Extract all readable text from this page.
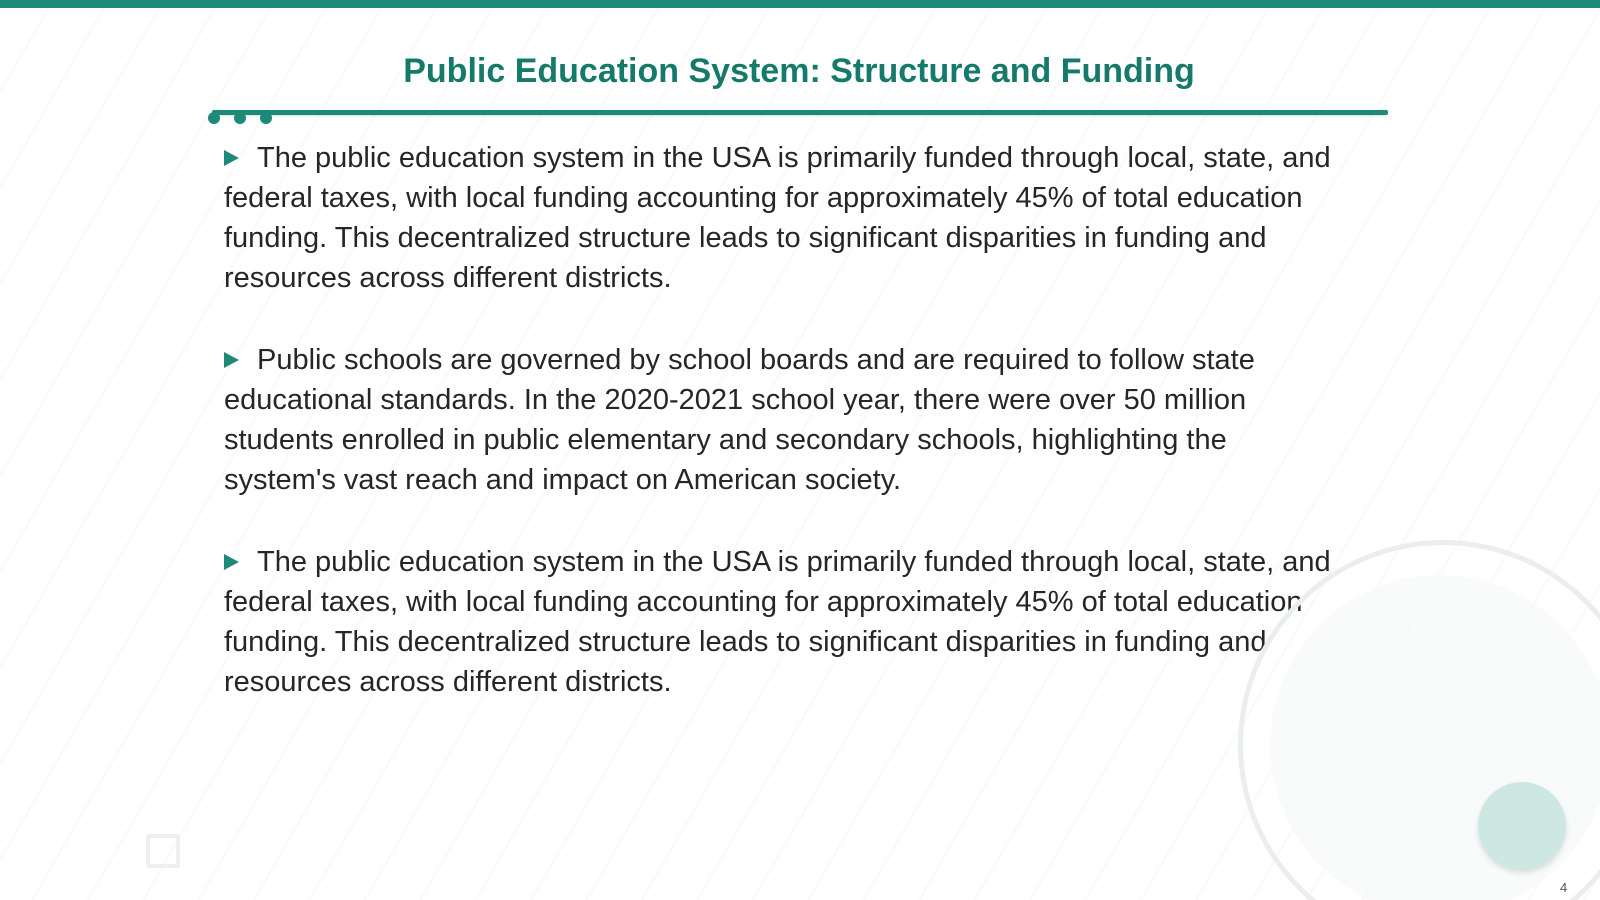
Public Education System: Structure and Funding

The public education system in the USA is primarily funded through local, state, and federal taxes, with local funding accounting for approximately 45% of total education funding. This decentralized structure leads to significant disparities in funding and resources across different districts.

Public schools are governed by school boards and are required to follow state educational standards. In the 2020-2021 school year, there were over 50 million students enrolled in public elementary and secondary schools, highlighting the system's vast reach and impact on American society.

The public education system in the USA is primarily funded through local, state, and federal taxes, with local funding accounting for approximately 45% of total education funding. This decentralized structure leads to significant disparities in funding and resources across different districts.

4
